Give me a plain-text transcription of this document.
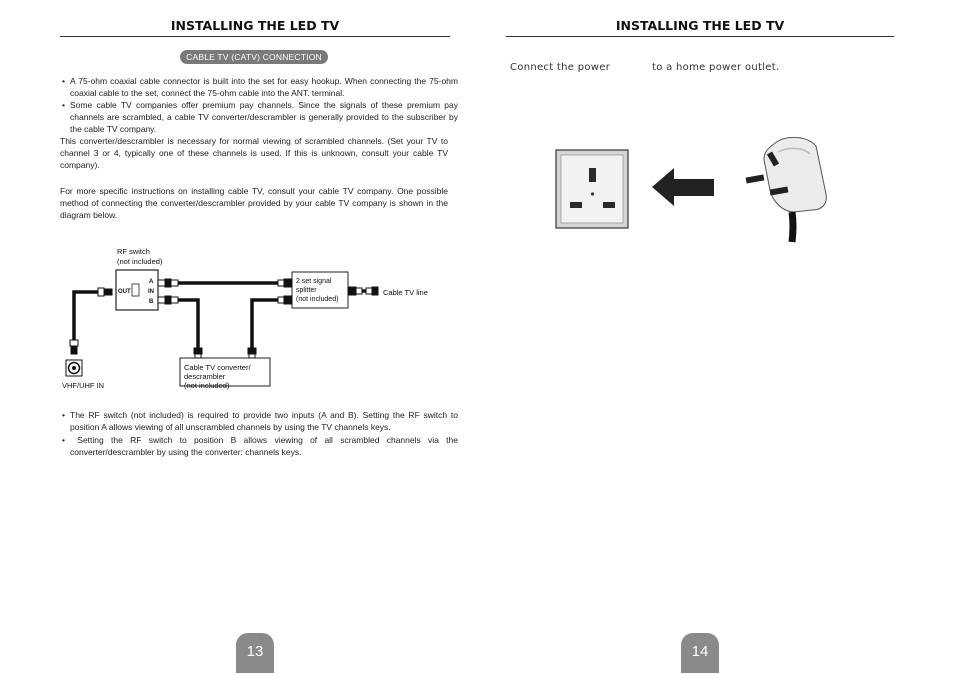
INSTALLING THE LED TV
CABLE TV (CATV) CONNECTION
• A 75-ohm coaxial cable connector is built into the set for easy hookup. When connecting the 75-ohm coaxial cable to the set, connect the 75-ohm cable into the ANT. terminal.
• Some cable TV companies offer premium pay channels. Since the signals of these premium pay channels are scrambled, a cable TV converter/descrambler is generally provided to the subscriber by the cable TV company.
This converter/descrambler is necessary for normal viewing of scrambled channels. (Set your TV to channel 3 or 4, typically one of these channels is used. If this is unknown, consult your cable TV company).
For more specific instructions on installing cable TV, consult your cable TV company. One possible method of connecting the converter/descrambler provided by your cable TV company is shown in the diagram below.
RF switch
(not included)
OUT
A
IN
B
2 set signal
splitter
(not included)
Cable TV line
Cable TV converter/
descrambler
(not included)
VHF/UHF IN
• The RF switch (not included) is required to provide two inputs (A and B). Setting the RF switch to position A allows viewing of all unscrambled channels by using the TV channels keys.
• Setting the RF switch to position B allows viewing of all scrambled channels via the converter/descrambler by using the converter: channels keys.
13
INSTALLING THE LED TV
Connect the power	to a home power outlet.
14
